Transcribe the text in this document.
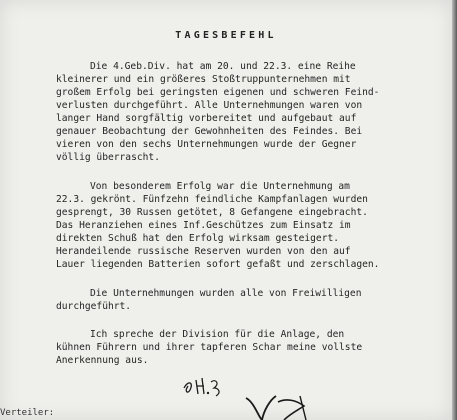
TAGESBEFEHL
Die 4.Geb.Div. hat am 20. und 22.3. eine Reihe
kleinerer und ein größeres Stoßtruppunternehmen mit
großem Erfolg bei geringsten eigenen und schweren Feind-
verlusten durchgeführt. Alle Unternehmungen waren von
langer Hand sorgfältig vorbereitet und aufgebaut auf
genauer Beobachtung der Gewohnheiten des Feindes. Bei
vieren von den sechs Unternehmungen wurde der Gegner
völlig überrascht.
Von besonderem Erfolg war die Unternehmung am
22.3. gekrönt. Fünfzehn feindliche Kampfanlagen wurden
gesprengt, 30 Russen getötet, 8 Gefangene eingebracht.
Das Heranziehen eines Inf.Geschützes zum Einsatz im
direkten Schuß hat den Erfolg wirksam gesteigert.
Herandeilende russische Reserven wurden von den auf
Lauer liegenden Batterien sofort gefaßt und zerschlagen.
Die Unternehmungen wurden alle von Freiwilligen
durchgeführt.
Ich spreche der Division für die Anlage, den
kühnen Führern und ihrer tapferen Schar meine vollste
Anerkennung aus.
Verteiler:
